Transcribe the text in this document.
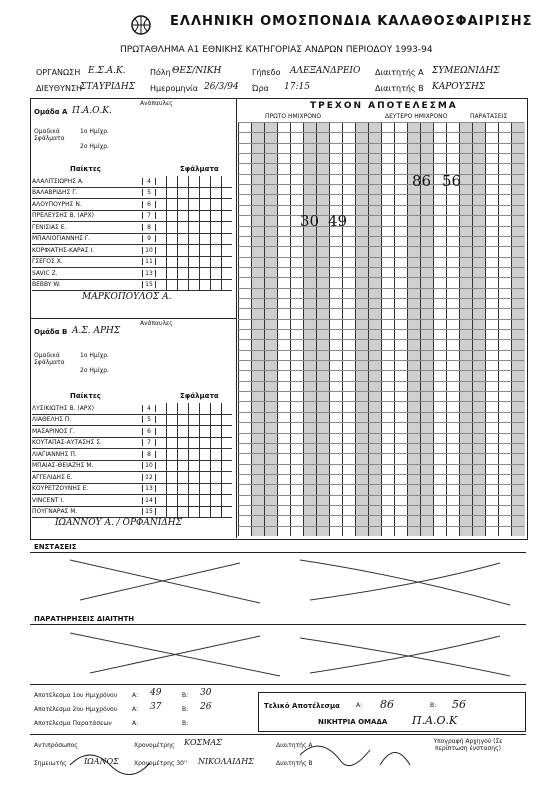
ΕΛΛΗΝΙΚΗ ΟΜΟΣΠΟΝΔΙΑ ΚΑΛΑΘΟΣΦΑΙΡΙΣΗΣ
ΠΡΩΤΑΘΛΗΜΑ Α1 ΕΘΝΙΚΗΣ ΚΑΤΗΓΟΡΙΑΣ ΑΝΔΡΩΝ ΠΕΡΙΟΔΟΥ 1993-94
ΟΡΓΑΝΩΣΗ Ε.Σ.Α.Κ.	Πόλη ΘΕΣ/ΝΙΚΗ	Γήπεδο ΑΛΕΞΑΝΔΡΕΙΟ Διαιτητής Α ΣΥΜΕΩΝΙΔΗΣ
ΔΙΕΥΘΥΝΣΗ
ΣΤΑΥΡΙΔΗΣ Ημερομηνία 26/3/94 Ώρα 17:15	Διαιτητής Β ΚΑΡΟΥΣΗΣ
Ομάδα Α Π.Α.Ο.Κ.
Ανάπαυλες
Ομαδικά Σφάλματα
1ο Ημίχρ.
2ο Ημίχρ.
Παίκτες	Σφάλματα
ΑΛΑΛΙΤΣΙΩΡΗΣ Α.	4
ΒΑΛΑΒΡΙΔΗΣ Γ.	5
ΑΛΟΥΠΟΥΡΗΣ Ν.	6
ΠΡΕΛΕΥΣΗΣ Β. (ΑΡΧ)	7
ΓΕΝΙΣΙΑΣ Ε.	8
ΜΠΑΛΙΟΓΙΑΝΝΗΣ Γ.	9
ΚΟΡΦΙΑΤΗΣ-ΚΑΡΑΣ Ι.	10
ΓΣΕΓΟΣ Χ.	11
SAVIC Z.	13
BEBBY W.	15
ΜΑΡΚΟΠΟΥΛΟΣ Α.
Ομάδα Β Α.Σ. ΑΡΗΣ
Ανάπαυλες
Ομαδικά Σφάλματα
1ο Ημίχρ.
2ο Ημίχρ.
Παίκτες	Σφάλματα
ΛΥΣΙΚΙΩΤΗΣ Β. (ΑΡΧ)	4
ΛΙΑΘΕΛΗΣ Π.	5
ΜΑΣΑΡΙΝΟΣ Γ.	6
ΚΟΥΤΑΠΑΣ-ΑΥΤΑΣΗΣ Σ.	7
ΛΙΑΓΙΑΝΝΗΣ Π.	8
ΜΠΑΙΑΣ-ΘΕΙΑΖΗΣ Μ.	10
ΑΓΓΕΛΙΔΗΣ Ε.	12
ΚΟΥΡΕΤΖΟΥΝΗΣ Ε.	13
VINCENT Ι.	14
ΠΟΥΓΝΑΡΑΣ Μ.	15
ΙΩΑΝΝΟΥ Α. / ΟΡΦΑΝΙΔΗΣ
ΤΡΕΧΟΝ ΑΠΟΤΕΛΕΣΜΑ
ΠΡΩΤΟ ΗΜΙΧΡΟΝΟ	ΔΕΥΤΕΡΟ ΗΜΙΧΡΟΝΟ	ΠΑΡΑΤΑΣΕΙΣ
30 49
86 56
ΕΝΣΤΑΣΕΙΣ
ΠΑΡΑΤΗΡΗΣΕΙΣ ΔΙΑΙΤΗΤΗ
Αποτέλεσμα 1ου Ημιχρόνου Α: 49	Β: 30
Αποτέλεσμα 2ου Ημιχρόνου Α: 37	Β: 26
Αποτέλεσμα Παρατάσεων	Α:	Β:
Τελικό Αποτέλεσμα	Α: 86	Β: 56
ΝΙΚΗΤΡΙΑ ΟΜΑΔΑ Π.Α.Ο.Κ
Αντιπρόσωπος
Σημειωτής ΙΩΑΝΟΣ
Χρονομέτρης ΚΟΣΜΑΣ
Χρονομέτρης 30'' ΝΙΚΟΛΑΙΔΗΣ
Διαιτητής Α
Διαιτητής Β
Υπογραφή Αρχηγού (Σε περίπτωση ένστασης)
